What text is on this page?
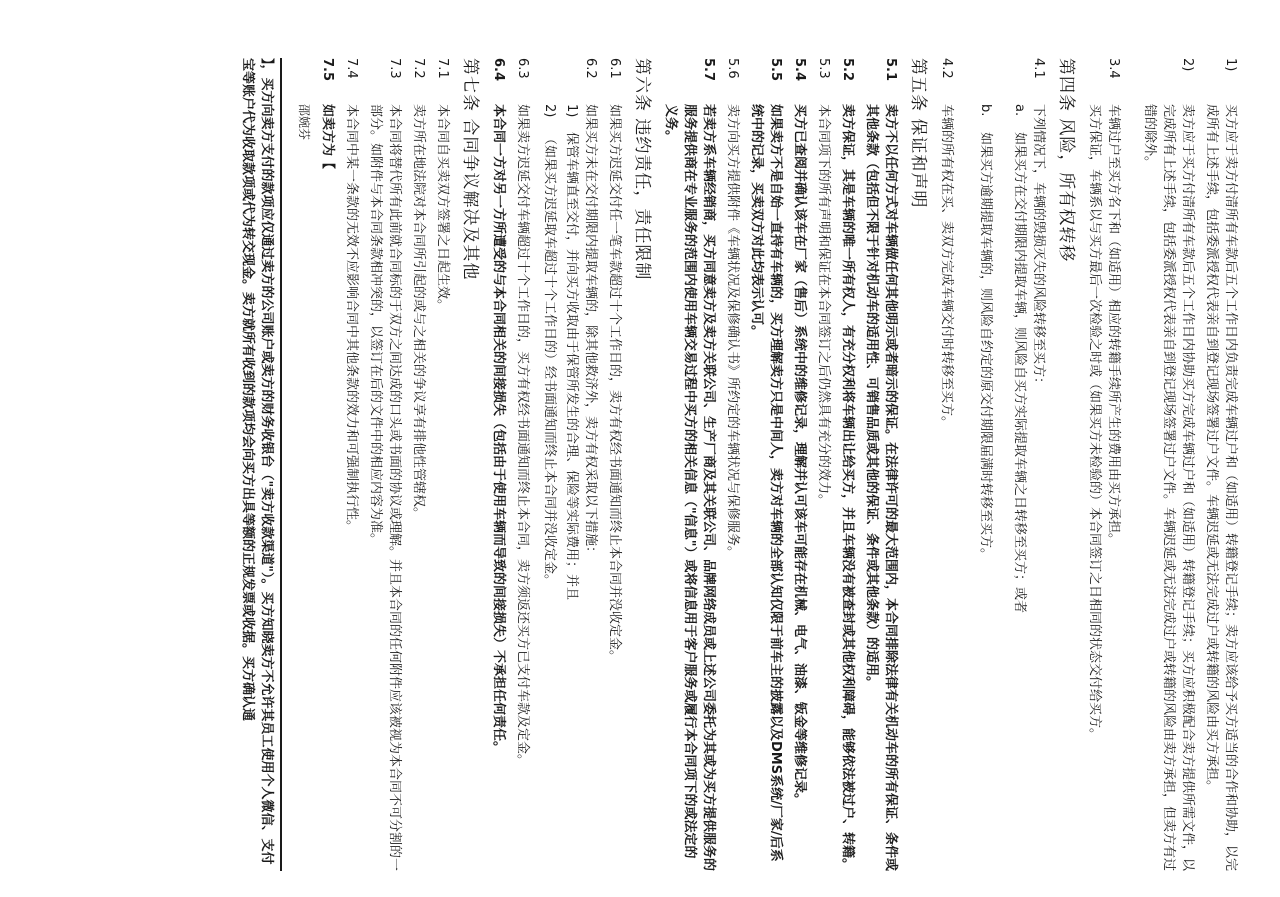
1)
买方应于卖方付清所有车款后五个工作日内负责完成车辆过户和（如适用）转籍登记手续；卖方应该给予买方适当的合作和协助，以完成所有上述手续，包括委派授权代表亲自到登记现场签署过户文件。车辆迟延或无法完成过户或转籍的风险由买方承担。
2)
卖方应于买方付清所有车款后五个工作日内协助买方完成车辆过户和（如适用）转籍登记手续；买方应积极配合卖方提供所需文件，以完成所有上述手续，包括委派授权代表亲自到登记现场签署过户文件。车辆迟延或无法完成过户或转籍的风险由卖方承担，但卖方有过错的除外。
3.4
车辆过户至买方名下和（如适用）相应的转籍手续所产生的费用由买方承担。
买方保证，车辆系以与买方最后一次检验之时或（如果买方未检验的）本合同签订之日相同的状态交付给买方。
第四条 风险，所有权转移
4.1
下列情况下，车辆的毁损灭失的风险转移至买方：
a.
如果买方在交付期限内提取车辆，则风险自买方实际提取车辆之日转移至买方；或者
b.
如果买方逾期提取车辆的，则风险自约定的原交付期限届满时转移至买方。
4.2
车辆的所有权在买、卖双方完成车辆交付时转移至买方。
第五条 保证和声明
5.1
卖方不以任何方式对车辆做任何其他明示或者暗示的保证。在法律许可的最大范围内，本合同排除法律有关机动车的所有保证、条件或其他条款（包括但不限于针对机动车的适用性、可销售品质或其他的保证、条件或其他条款）的适用。
5.2
卖方保证，其是车辆的唯一所有权人，有充分权利将车辆出让给买方，并且车辆没有被查封或其他权利障碍，能够依法被过户、转籍。
5.3
本合同项下的所有声明和保证在本合同签订之后仍然具有充分的效力。
5.4
买方已查阅并确认该车在厂家（售后）系统中的维修记录，理解并认可该车可能存在机械、电气、油漆、钣金等维修记录。
5.5
如果卖方不是自始一直持有车辆的，买方理解卖方只是中间人，卖方对车辆的全部认知仅限于前车主的披露以及DMS系统/厂家/后系统中的记录，买卖双方对此均表示认可。
5.6
卖方向买方提供附件《车辆状况及保修确认书》所约定的车辆状况与保修服务。
5.7
若卖方系车辆经销商，买方同意卖方及卖方关联公司、生产厂商及其关联公司、品牌网络成员或上述公司委托为其或为买方提供服务的服务提供商在专业服务的范围内使用车辆交易过程中买方的相关信息（"信息"）或将信息用于客户服务或履行本合同项下的或法定的义务。
第六条 违约责任，责任限制
6.1
如果买方迟延交付任一笔车款超过十个工作日的，卖方有权经书面通知而终止本合同并没收定金。
6.2
如果买方未在交付期限内提取车辆的，除其他救济外，卖方有权采取以下措施：
1)
保管车辆直至交付，并向买方收取由于保管所发生的合理、保险等实际费用；并且
2)
（如果买方迟延取车超过十个工作日的）经书面通知而终止本合同并没收定金。
6.3
如果卖方迟延交付车辆超过十个工作日的，买方有权经书面通知而终止本合同，卖方须返还买方已支付车款及定金。
6.4
本合同一方对另一方所遭受的与本合同相关的间接损失（包括由于使用车辆而导致的间接损失）不承担任何责任。
第七条 合同争议解决及其他
7.1
本合同自买卖双方签署之日起生效。
7.2
卖方所在地法院对本合同所引起的或与之相关的争议享有排他性管辖权。
7.3
本合同将替代所有此前就合同标的于双方之间达成的口头或书面的协议或理解。并且本合同的任何附件应该被视为本合同不可分割的一部分。如附件与本合同条款相冲突的，以签订在后的文件中的相应内容为准。
7.4
本合同中某一条款的无效不应影响合同中其他条款的效力和可强制执行性。
7.5
如卖方为【
邵婉芬
】，买方向卖方支付的款项应仅通过卖方的公司账户或卖方的财务收银台（"卖方收款渠道"）。买方知晓卖方不允许其员工使用个人微信、支付宝等账户代为收取款项或代为转交现金。卖方就所有收到的款项均会向买方出具等额的正规发票或收据。买方确认通
